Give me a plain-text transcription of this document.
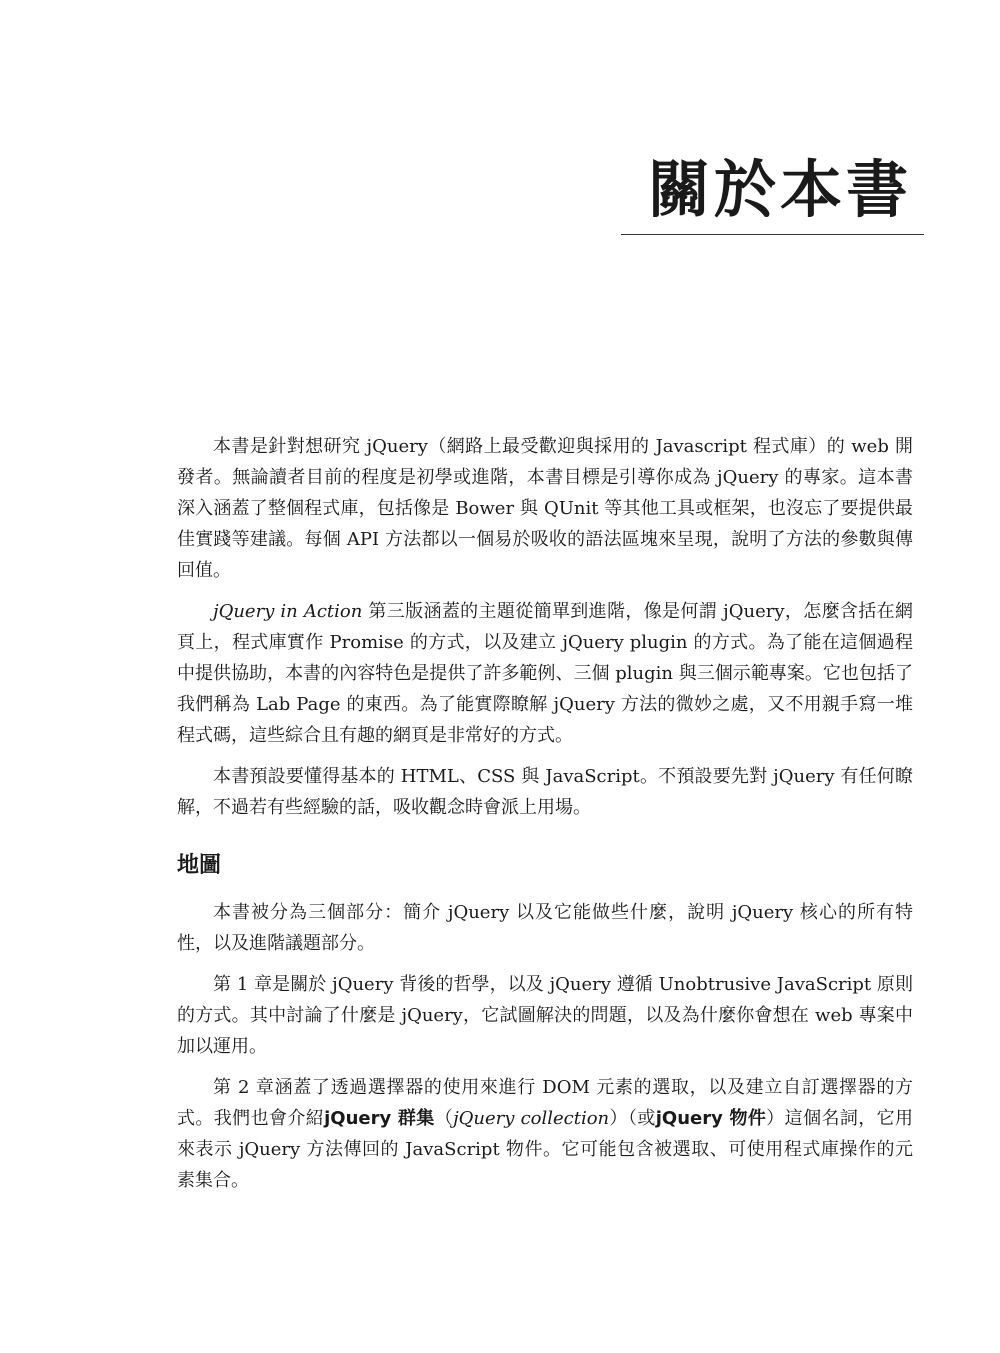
關於本書

本書是針對想研究 jQuery（網路上最受歡迎與採用的 Javascript 程式庫）的 web 開發者。無論讀者目前的程度是初學或進階，本書目標是引導你成為 jQuery 的專家。這本書深入涵蓋了整個程式庫，包括像是 Bower 與 QUnit 等其他工具或框架，也沒忘了要提供最佳實踐等建議。每個 API 方法都以一個易於吸收的語法區塊來呈現，說明了方法的參數與傳回值。

jQuery in Action 第三版涵蓋的主題從簡單到進階，像是何謂 jQuery，怎麼含括在網頁上，程式庫實作 Promise 的方式，以及建立 jQuery plugin 的方式。為了能在這個過程中提供協助，本書的內容特色是提供了許多範例、三個 plugin 與三個示範專案。它也包括了我們稱為 Lab Page 的東西。為了能實際瞭解 jQuery 方法的微妙之處，又不用親手寫一堆程式碼，這些綜合且有趣的網頁是非常好的方式。

本書預設要懂得基本的 HTML、CSS 與 JavaScript。不預設要先對 jQuery 有任何瞭解，不過若有些經驗的話，吸收觀念時會派上用場。

地圖

本書被分為三個部分：簡介 jQuery 以及它能做些什麼，說明 jQuery 核心的所有特性，以及進階議題部分。

第 1 章是關於 jQuery 背後的哲學，以及 jQuery 遵循 Unobtrusive JavaScript 原則的方式。其中討論了什麼是 jQuery，它試圖解決的問題，以及為什麼你會想在 web 專案中加以運用。

第 2 章涵蓋了透過選擇器的使用來進行 DOM 元素的選取，以及建立自訂選擇器的方式。我們也會介紹jQuery 群集（jQuery collection）（或jQuery 物件）這個名詞，它用來表示 jQuery 方法傳回的 JavaScript 物件。它可能包含被選取、可使用程式庫操作的元素集合。
